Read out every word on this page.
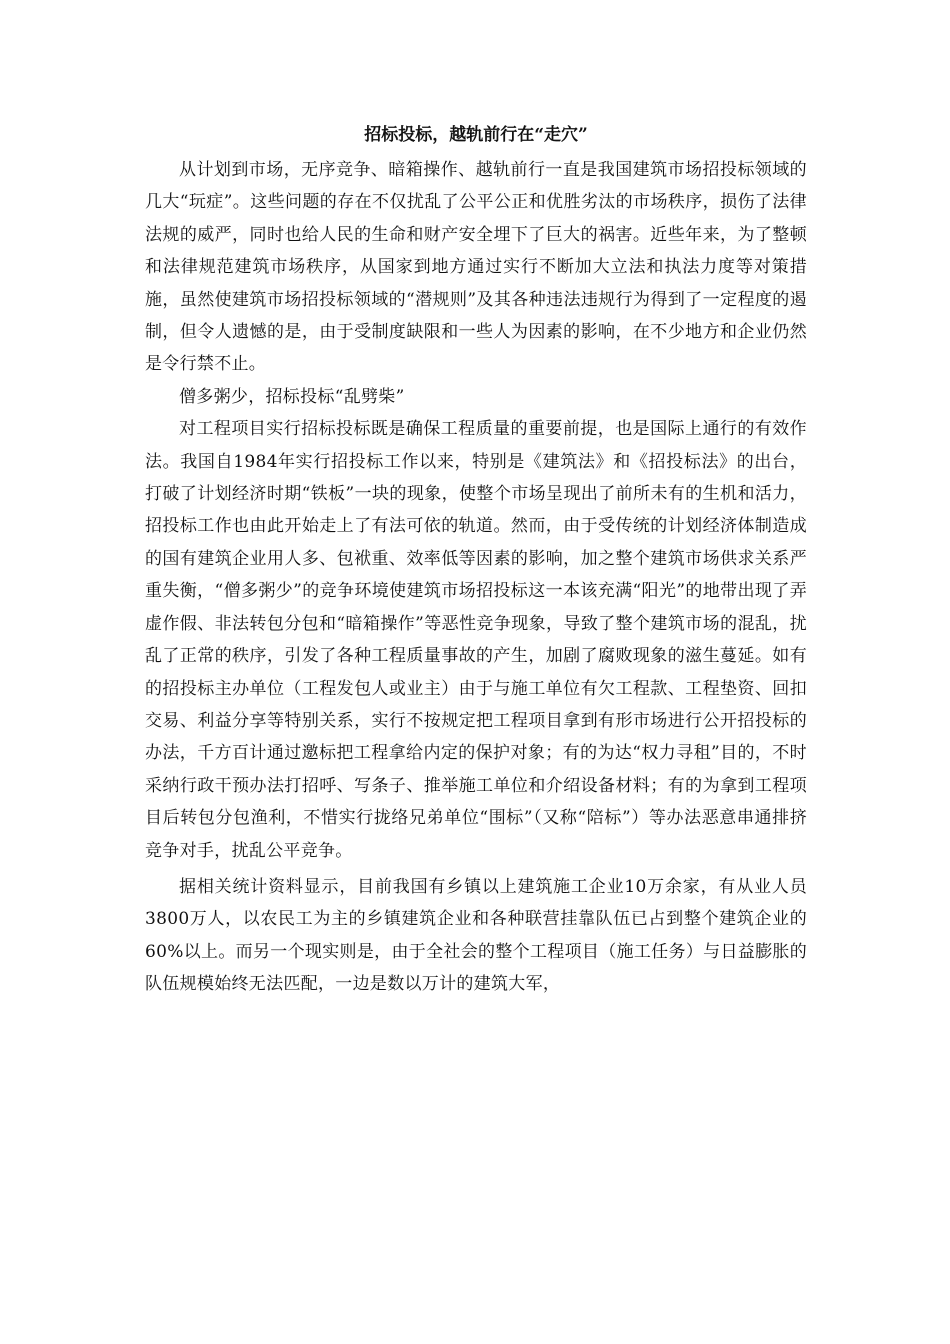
招标投标，越轨前行在“走穴”

从计划到市场，无序竞争、暗箱操作、越轨前行一直是我国建筑市场招投标领域的几大“玩症”。这些问题的存在不仅扰乱了公平公正和优胜劣汰的市场秩序，损伤了法律法规的威严，同时也给人民的生命和财产安全埋下了巨大的祸害。近些年来，为了整顿和法律规范建筑市场秩序，从国家到地方通过实行不断加大立法和执法力度等对策措施，虽然使建筑市场招投标领域的“潜规则”及其各种违法违规行为得到了一定程度的遏制，但令人遗憾的是，由于受制度缺限和一些人为因素的影响，在不少地方和企业仍然是令行禁不止。

僧多粥少，招标投标“乱劈柴”

对工程项目实行招标投标既是确保工程质量的重要前提，也是国际上通行的有效作法。我国自1984年实行招投标工作以来，特别是《建筑法》和《招投标法》的出台，打破了计划经济时期“铁板”一块的现象，使整个市场呈现出了前所未有的生机和活力，招投标工作也由此开始走上了有法可依的轨道。然而，由于受传统的计划经济体制造成的国有建筑企业用人多、包袱重、效率低等因素的影响，加之整个建筑市场供求关系严重失衡，“僧多粥少”的竞争环境使建筑市场招投标这一本该充满“阳光”的地带出现了弄虚作假、非法转包分包和“暗箱操作”等恶性竞争现象，导致了整个建筑市场的混乱，扰乱了正常的秩序，引发了各种工程质量事故的产生，加剧了腐败现象的滋生蔓延。如有的招投标主办单位（工程发包人或业主）由于与施工单位有欠工程款、工程垫资、回扣交易、利益分享等特别关系，实行不按规定把工程项目拿到有形市场进行公开招投标的办法，千方百计通过邀标把工程拿给内定的保护对象；有的为达“权力寻租”目的，不时采纳行政干预办法打招呼、写条子、推举施工单位和介绍设备材料；有的为拿到工程项目后转包分包渔利，不惜实行拢络兄弟单位“围标”（又称“陪标”）等办法恶意串通排挤竞争对手，扰乱公平竞争。

据相关统计资料显示，目前我国有乡镇以上建筑施工企业10万余家，有从业人员3800万人，以农民工为主的乡镇建筑企业和各种联营挂靠队伍已占到整个建筑企业的60%以上。而另一个现实则是，由于全社会的整个工程项目（施工任务）与日益膨胀的队伍规模始终无法匹配，一边是数以万计的建筑大军，
